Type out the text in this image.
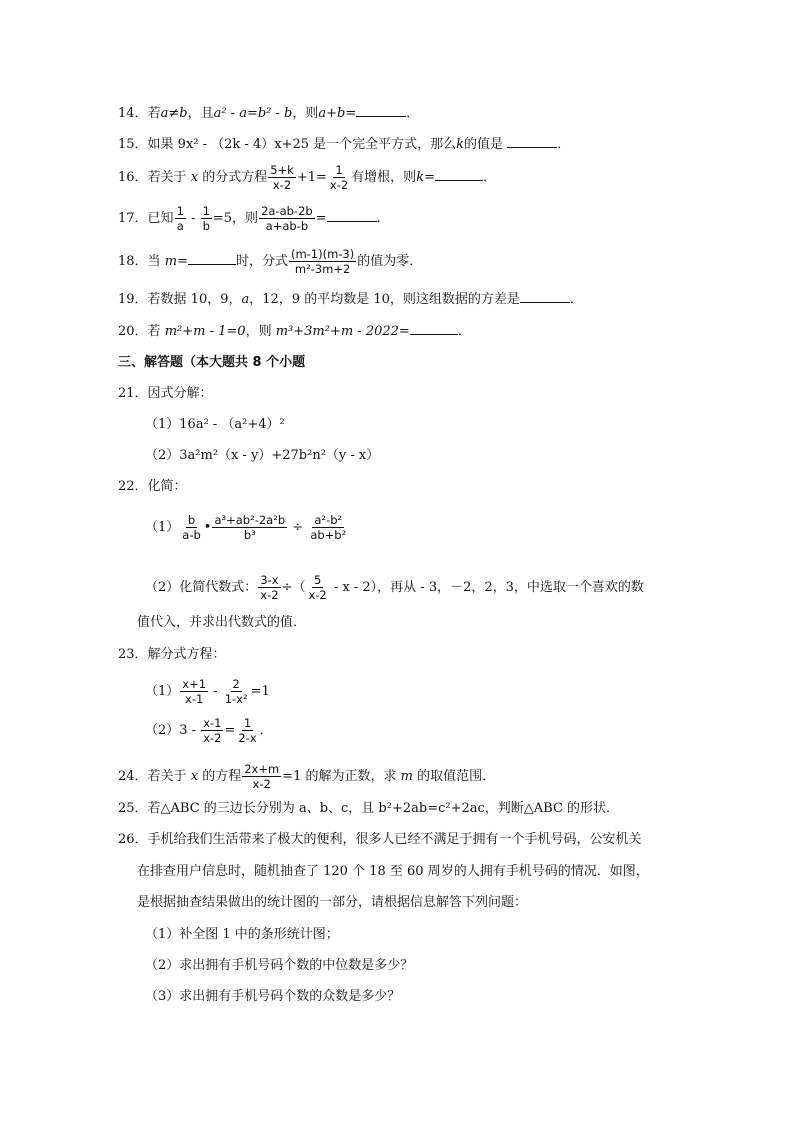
14．若a≠b，且a² - a=b² - b，则a+b=	．
15．如果 9x² - （2k - 4）x+25 是一个完全平方式，那么k的值是	．
16．若关于 x 的分式方程 $\frac{5+k}{x-2} +1= \frac{1}{x-2}$ 有增根，则k=	．
17．已知 $\frac{1}{a} - \frac{1}{b} =5$，则 $\frac{2a-ab-2b}{a+ab-b}$ =	．
18．当 m=	时，分式 $\frac{(m-1)(m-3)}{\text{m²-3m+2}}$ 的值为零．
19．若数据 10，9，a，12，9 的平均数是 10，则这组数据的方差是	．
20．若 m²+m - 1=0，则 m³+3m²+m - 2022=	．
三、解答题（本大题共 8 个小题
21．因式分解：
（1）16a² - （a²+4）²
（2）3a²m²（x - y）+27b²n²（y - x）
22．化简：
$(1) \frac{b}{a-b}$ • $\frac{\text{a³+ab²-2a²b}}{\text{b³}} \div \frac{\text{a²-b²}}{\text{ab+b²}}$
（2）化简代数式： $\frac{3-x}{x-2}$ ÷（ $\frac{5}{x-2}$ - x - 2），再从 - 3，－2，2，3，中选取一个喜欢的数
值代入，并求出代数式的值．
23．解分式方程：
$(1) \frac{x+1}{x-1} - \frac{2}{\text{1-x²}} =1$
$(2)3 - \frac{x-1}{x-2} = \frac{1}{2-x}$ ．
24．若关于 x 的方程 $\frac{2x+m}{x-2} =1$ 的解为正数，求 m 的取值范围．
25．若△ABC 的三边长分别为 a、b、c，且 b²+2ab=c²+2ac，判断△ABC 的形状．
26．手机给我们生活带来了极大的便利，很多人已经不满足于拥有一个手机号码，公安机关
在排查用户信息时，随机抽查了 120 个 18 至 60 周岁的人拥有手机号码的情况．如图，
是根据抽查结果做出的统计图的一部分，请根据信息解答下列问题：
（1）补全图 1 中的条形统计图；
（2）求出拥有手机号码个数的中位数是多少？
（3）求出拥有手机号码个数的众数是多少？
